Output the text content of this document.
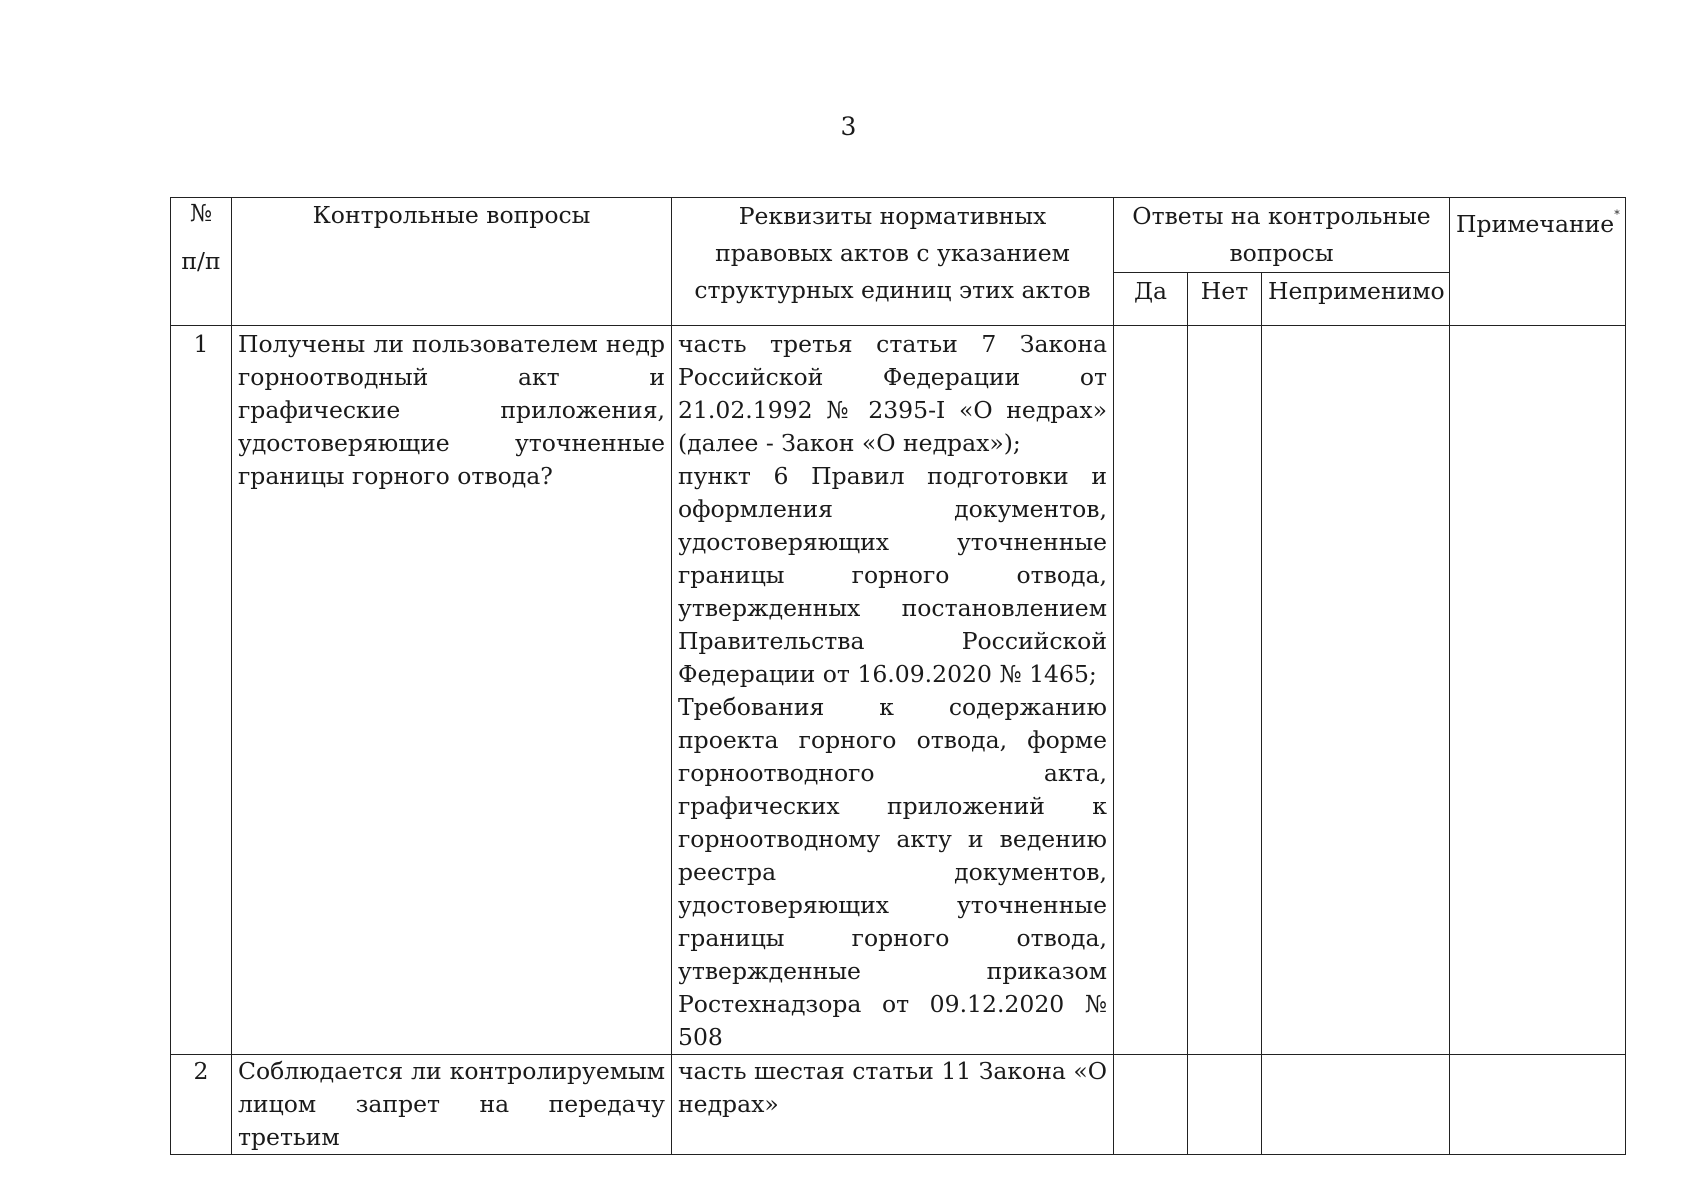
3
№
п/п	Контрольные вопросы	Реквизиты нормативных правовых актов с указанием структурных единиц этих актов	Ответы на контрольные вопросы			Примечание*
			Да	Нет	Неприменимо	
1	Получены ли пользователем недр горноотводный акт и графические приложения, удостоверяющие уточненные границы горного отвода?	часть третья статьи 7 Закона Российской Федерации от 21.02.1992 № 2395-I «О недрах» (далее - Закон «О недрах»);
пункт 6 Правил подготовки и оформления документов, удостоверяющих уточненные границы горного отвода, утвержденных постановлением Правительства Российской Федерации от 16.09.2020 № 1465;
Требования к содержанию проекта горного отвода, форме горноотводного акта, графических приложений к горноотводному акту и ведению реестра документов, удостоверяющих уточненные границы горного отвода, утвержденные приказом Ростехнадзора от 09.12.2020 № 508				

2	Соблюдается ли контролируемым лицом запрет на передачу третьим	часть шестая статьи 11 Закона «О недрах»				
